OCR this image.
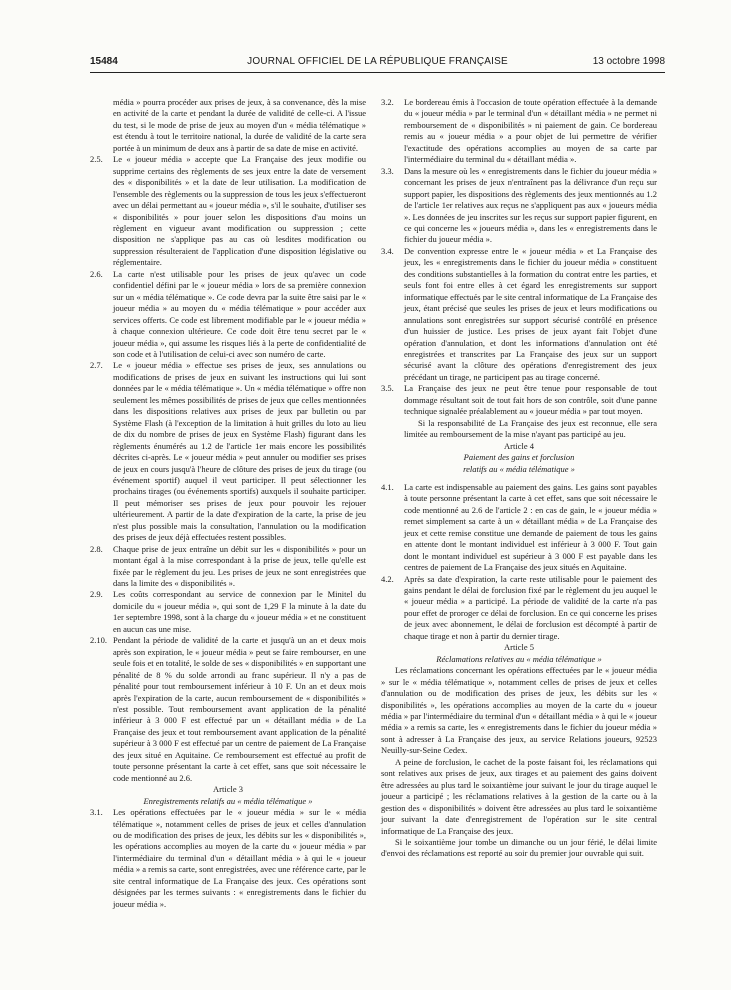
15484	JOURNAL OFFICIEL DE LA RÉPUBLIQUE FRANÇAISE	13 octobre 1998

média » pourra procéder aux prises de jeux, à sa convenance, dès la mise en activité de la carte et pendant la durée de validité de celle-ci. A l'issue du test, si le mode de prise de jeux au moyen d'un « média télématique » est étendu à tout le territoire national, la durée de validité de la carte sera portée à un minimum de deux ans à partir de sa date de mise en activité.

2.5.	Le « joueur média » accepte que La Française des jeux modifie ou supprime certains des règlements de ses jeux entre la date de versement des « disponibilités » et la date de leur utilisation. La modification de l'ensemble des règlements ou la suppression de tous les jeux s'effectueront avec un délai permettant au « joueur média », s'il le souhaite, d'utiliser ses « disponibilités » pour jouer selon les dispositions d'au moins un règlement en vigueur avant modification ou suppression ; cette disposition ne s'applique pas au cas où lesdites modification ou suppression résulteraient de l'application d'une disposition législative ou réglementaire.
2.6.	La carte n'est utilisable pour les prises de jeux qu'avec un code confidentiel défini par le « joueur média » lors de sa première connexion sur un « média télématique ». Ce code devra par la suite être saisi par le « joueur média » au moyen du « média télématique » pour accéder aux services offerts. Ce code est librement modifiable par le « joueur média » à chaque connexion ultérieure. Ce code doit être tenu secret par le « joueur média », qui assume les risques liés à la perte de confidentialité de son code et à l'utilisation de celui-ci avec son numéro de carte.
2.7.	Le « joueur média » effectue ses prises de jeux, ses annulations ou modifications de prises de jeux en suivant les instructions qui lui sont données par le « média télématique ». Un « média télématique » offre non seulement les mêmes possibilités de prises de jeux que celles mentionnées dans les dispositions relatives aux prises de jeux par bulletin ou par Système Flash (à l'exception de la limitation à huit grilles du loto au lieu de dix du nombre de prises de jeux en Système Flash) figurant dans les règlements énumérés au 1.2 de l'article 1er mais encore les possibilités décrites ci-après. Le « joueur média » peut annuler ou modifier ses prises de jeux en cours jusqu'à l'heure de clôture des prises de jeux du tirage (ou événement sportif) auquel il veut participer. Il peut sélectionner les prochains tirages (ou événements sportifs) auxquels il souhaite participer. Il peut mémoriser ses prises de jeux pour pouvoir les rejouer ultérieurement. A partir de la date d'expiration de la carte, la prise de jeu n'est plus possible mais la consultation, l'annulation ou la modification des prises de jeux déjà effectuées restent possibles.
2.8.	Chaque prise de jeux entraîne un débit sur les « disponibilités » pour un montant égal à la mise correspondant à la prise de jeux, telle qu'elle est fixée par le règlement du jeu. Les prises de jeux ne sont enregistrées que dans la limite des « disponibilités ».
2.9.	Les coûts correspondant au service de connexion par le Minitel du domicile du « joueur média », qui sont de 1,29 F la minute à la date du 1er septembre 1998, sont à la charge du « joueur média » et ne constituent en aucun cas une mise.
2.10. Pendant la période de validité de la carte et jusqu'à un an et deux mois après son expiration, le « joueur média » peut se faire rembourser, en une seule fois et en totalité, le solde de ses « disponibilités » en supportant une pénalité de 8 % du solde arrondi au franc supérieur. Il n'y a pas de pénalité pour tout remboursement inférieur à 10 F. Un an et deux mois après l'expiration de la carte, aucun remboursement de « disponibilités » n'est possible. Tout remboursement avant application de la pénalité inférieur à 3 000 F est effectué par un « détaillant média » de La Française des jeux et tout remboursement avant application de la pénalité supérieur à 3 000 F est effectué par un centre de paiement de La Française des jeux situé en Aquitaine. Ce remboursement est effectué au profit de toute personne présentant la carte à cet effet, sans que soit nécessaire le code mentionné au 2.6.

Article 3

Enregistrements relatifs au « média télématique »

3.1.	Les opérations effectuées par le « joueur média » sur le « média télématique », notamment celles de prises de jeux et celles d'annulation ou de modification des prises de jeux, les débits sur les « disponibilités », les opérations accomplies au moyen de la carte du « joueur média » par l'intermédiaire du terminal d'un « détaillant média » à qui le « joueur média » a remis sa carte, sont enregistrées, avec une référence carte, par le site central informatique de La Française des jeux. Ces opérations sont désignées par les termes suivants : « enregistrements dans le fichier du joueur média ».
3.2.	Le bordereau émis à l'occasion de toute opération effectuée à la demande du « joueur média » par le terminal d'un « détaillant média » ne permet ni remboursement de « disponibilités » ni paiement de gain. Ce bordereau remis au « joueur média » a pour objet de lui permettre de vérifier l'exactitude des opérations accomplies au moyen de sa carte par l'intermédiaire du terminal du « détaillant média ».
3.3.	Dans la mesure où les « enregistrements dans le fichier du joueur média » concernant les prises de jeux n'entraînent pas la délivrance d'un reçu sur support papier, les dispositions des règlements des jeux mentionnés au 1.2 de l'article 1er relatives aux reçus ne s'appliquent pas aux « joueurs média ». Les données de jeu inscrites sur les reçus sur support papier figurent, en ce qui concerne les « joueurs média », dans les « enregistrements dans le fichier du joueur média ».
3.4.	De convention expresse entre le « joueur média » et La Française des jeux, les « enregistrements dans le fichier du joueur média » constituent des conditions substantielles à la formation du contrat entre les parties, et seuls font foi entre elles à cet égard les enregistrements sur support informatique effectués par le site central informatique de La Française des jeux, étant précisé que seules les prises de jeux et leurs modifications ou annulations sont enregistrées sur support sécurisé contrôlé en présence d'un huissier de justice. Les prises de jeux ayant fait l'objet d'une opération d'annulation, et dont les informations d'annulation ont été enregistrées et transcrites par La Française des jeux sur un support sécurisé avant la clôture des opérations d'enregistrement des jeux précédant un tirage, ne participent pas au tirage concerné.
3.5.	La Française des jeux ne peut être tenue pour responsable de tout dommage résultant soit de tout fait hors de son contrôle, soit d'une panne technique signalée préalablement au « joueur média » par tout moyen.

Si la responsabilité de La Française des jeux est reconnue, elle sera limitée au remboursement de la mise n'ayant pas participé au jeu.

Article 4

Paiement des gains et forclusion
relatifs au « média télématique »
4.1.	La carte est indispensable au paiement des gains. Les gains sont payables à toute personne présentant la carte à cet effet, sans que soit nécessaire le code mentionné au 2.6 de l'article 2 : en cas de gain, le « joueur média » remet simplement sa carte à un « détaillant média » de La Française des jeux et cette remise constitue une demande de paiement de tous les gains en attente dont le montant individuel est inférieur à 3 000 F. Tout gain dont le montant individuel est supérieur à 3 000 F est payable dans les centres de paiement de La Française des jeux situés en Aquitaine.
4.2.	Après sa date d'expiration, la carte reste utilisable pour le paiement des gains pendant le délai de forclusion fixé par le règlement du jeu auquel le « joueur média » a participé. La période de validité de la carte n'a pas pour effet de proroger ce délai de forclusion. En ce qui concerne les prises de jeux avec abonnement, le délai de forclusion est décompté à partir de chaque tirage et non à partir du dernier tirage.

Article 5

Réclamations relatives au « média télématique »

Les réclamations concernant les opérations effectuées par le « joueur média » sur le « média télématique », notamment celles de prises de jeux et celles d'annulation ou de modification des prises de jeux, les débits sur les « disponibilités », les opérations accomplies au moyen de la carte du « joueur média » par l'intermédiaire du terminal d'un « détaillant média » à qui le « joueur média » a remis sa carte, les « enregistrements dans le fichier du joueur média » sont à adresser à La Française des jeux, au service Relations joueurs, 92523 Neuilly-sur-Seine Cedex.

A peine de forclusion, le cachet de la poste faisant foi, les réclamations qui sont relatives aux prises de jeux, aux tirages et au paiement des gains doivent être adressées au plus tard le soixantième jour suivant le jour du tirage auquel le joueur a participé ; les réclamations relatives à la gestion de la carte ou à la gestion des « disponibilités » doivent être adressées au plus tard le soixantième jour suivant la date d'enregistrement de l'opération sur le site central informatique de La Française des jeux.

Si le soixantième jour tombe un dimanche ou un jour férié, le délai limite d'envoi des réclamations est reporté au soir du premier jour ouvrable qui suit.
